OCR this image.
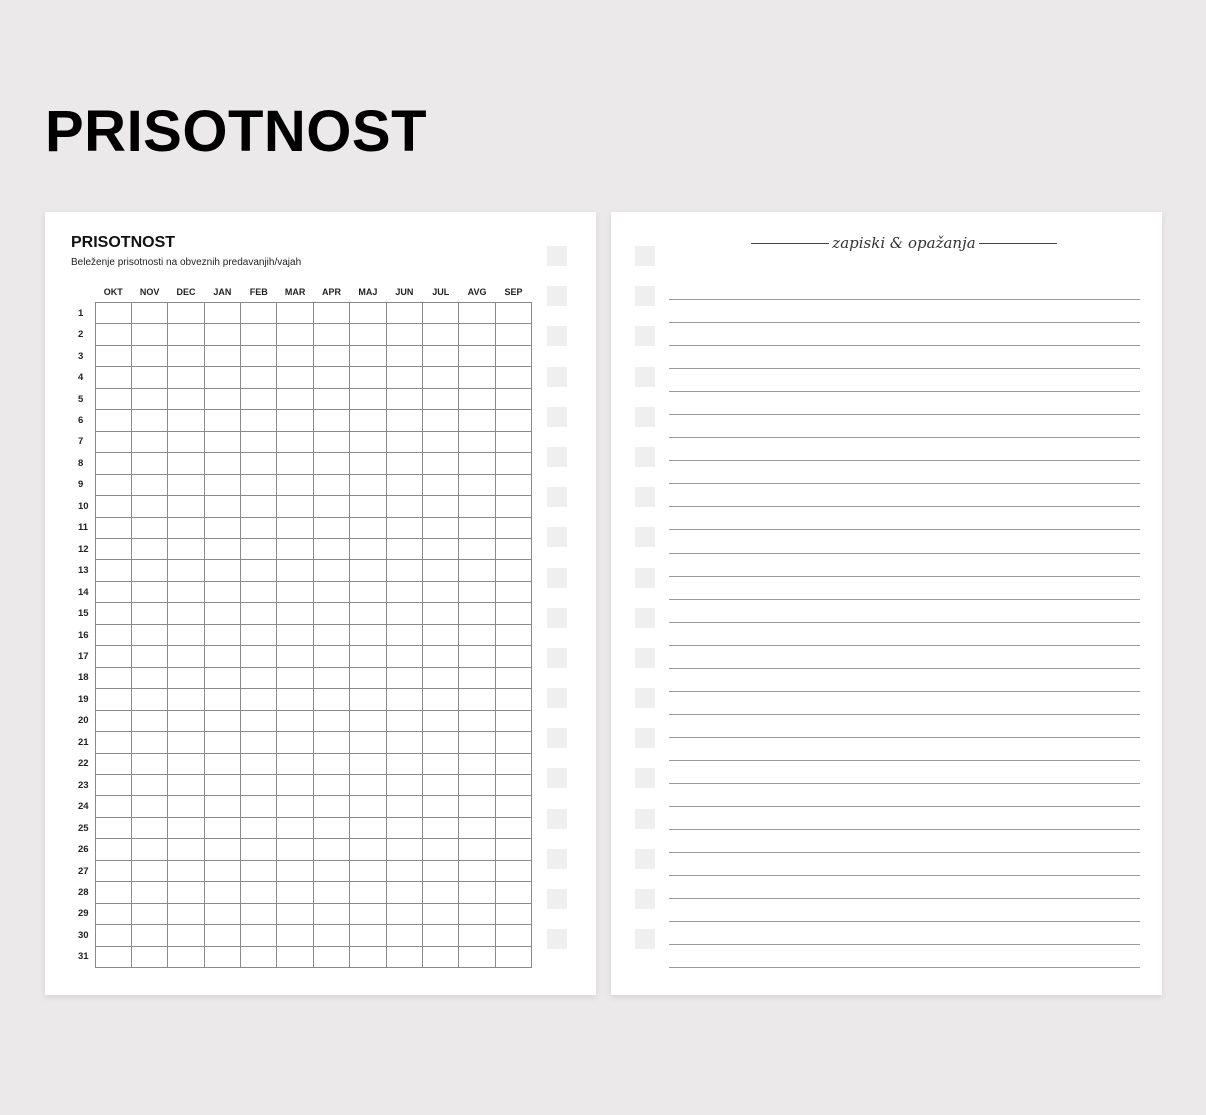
PRISOTNOST
PRISOTNOST

Beleženje prisotnosti na obveznih predavanjih/vajah

	OKT	NOV	DEC	JAN	FEB	MAR	APR	MAJ	JUN	JUL	AVG	SEP
1												
2												
3												
4												
5												
6												
7												
8												
9												
10												
11												
12												
13												
14												
15												
16												
17												
18												
19												
20												
21												
22												
23												
24												
25												
26												
27												
28												
29												
30												
31												
zapiski & opažanja
